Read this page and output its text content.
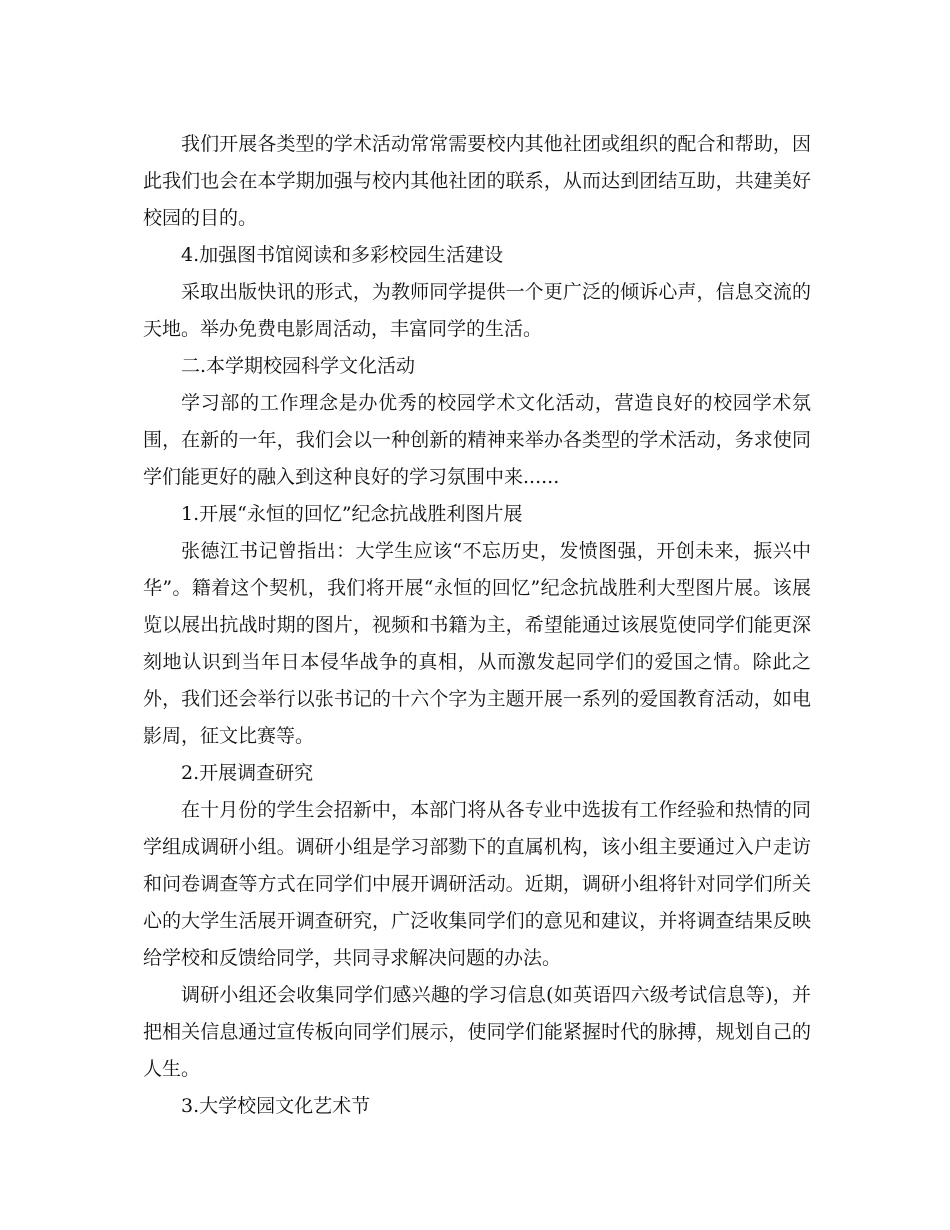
我们开展各类型的学术活动常常需要校内其他社团或组织的配合和帮助，因此我们也会在本学期加强与校内其他社团的联系，从而达到团结互助，共建美好校园的目的。

4.加强图书馆阅读和多彩校园生活建设

采取出版快讯的形式，为教师同学提供一个更广泛的倾诉心声，信息交流的天地。举办免费电影周活动，丰富同学的生活。

二.本学期校园科学文化活动

学习部的工作理念是办优秀的校园学术文化活动，营造良好的校园学术氛围，在新的一年，我们会以一种创新的精神来举办各类型的学术活动，务求使同学们能更好的融入到这种良好的学习氛围中来......

1.开展“永恒的回忆”纪念抗战胜利图片展

张德江书记曾指出：大学生应该“不忘历史，发愤图强，开创未来，振兴中华”。籍着这个契机，我们将开展“永恒的回忆”纪念抗战胜利大型图片展。该展览以展出抗战时期的图片，视频和书籍为主，希望能通过该展览使同学们能更深刻地认识到当年日本侵华战争的真相，从而激发起同学们的爱国之情。除此之外，我们还会举行以张书记的十六个字为主题开展一系列的爱国教育活动，如电影周，征文比赛等。

2.开展调查研究

在十月份的学生会招新中，本部门将从各专业中选拔有工作经验和热情的同学组成调研小组。调研小组是学习部勠下的直属机构，该小组主要通过入户走访和问卷调查等方式在同学们中展开调研活动。近期，调研小组将针对同学们所关心的大学生活展开调查研究，广泛收集同学们的意见和建议，并将调查结果反映给学校和反馈给同学，共同寻求解决问题的办法。

调研小组还会收集同学们感兴趣的学习信息(如英语四六级考试信息等)，并把相关信息通过宣传板向同学们展示，使同学们能紧握时代的脉搏，规划自己的人生。

3.大学校园文化艺术节
